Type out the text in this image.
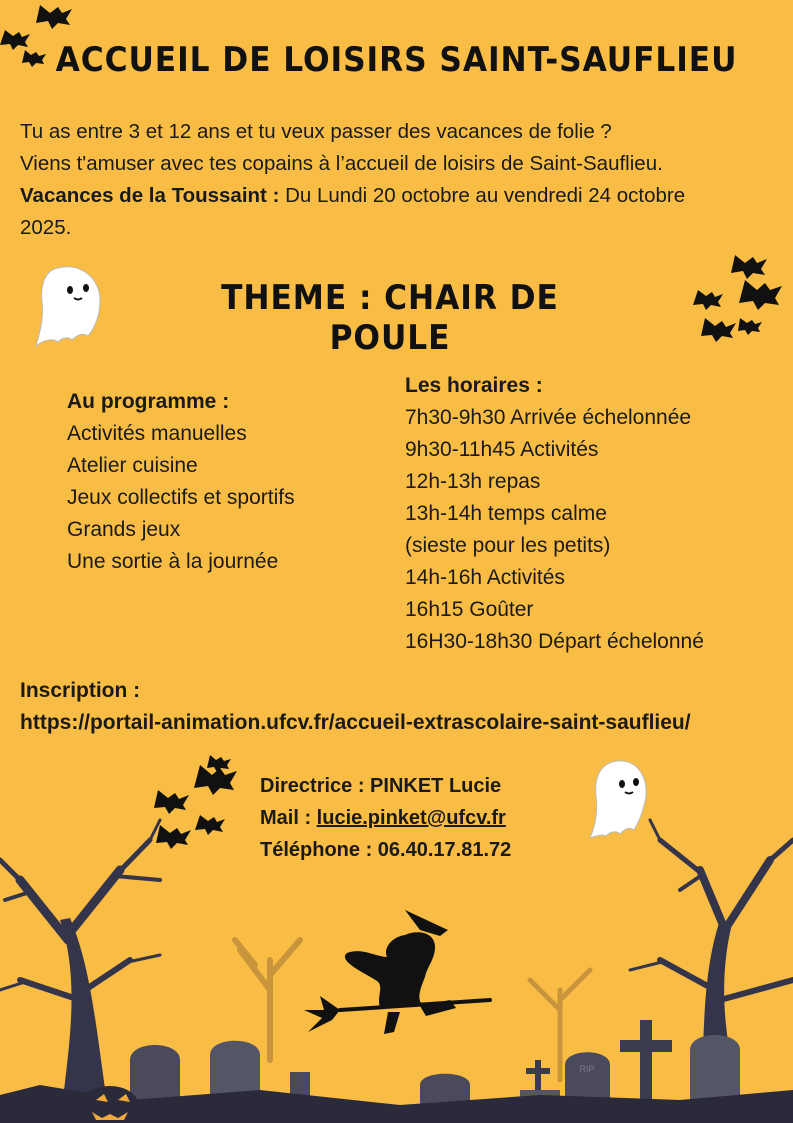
RIP
ACCUEIL DE LOISIRS SAINT-SAUFLIEU

Tu as entre 3 et 12 ans et tu veux passer des vacances de folie ?

Viens t'amuser avec tes copains à l’accueil de loisirs de Saint-Sauflieu.

Vacances de la Toussaint : Du Lundi 20 octobre au vendredi 24 octobre

2025.

THEME : CHAIR DE POULE
Au programme :
Activités manuelles
Atelier cuisine
Jeux collectifs et sportifs
Grands jeux
Une sortie à la journée
Les horaires :
7h30-9h30 Arrivée échelonnée
9h30-11h45 Activités
12h-13h repas
13h-14h temps calme
(sieste pour les petits)
14h-16h Activités
16h15 Goûter
16H30-18h30 Départ échelonné
Inscription :
https://portail-animation.ufcv.fr/accueil-extrascolaire-saint-sauflieu/
Directrice : PINKET Lucie
Mail : lucie.pinket@ufcv.fr
Téléphone : 06.40.17.81.72
